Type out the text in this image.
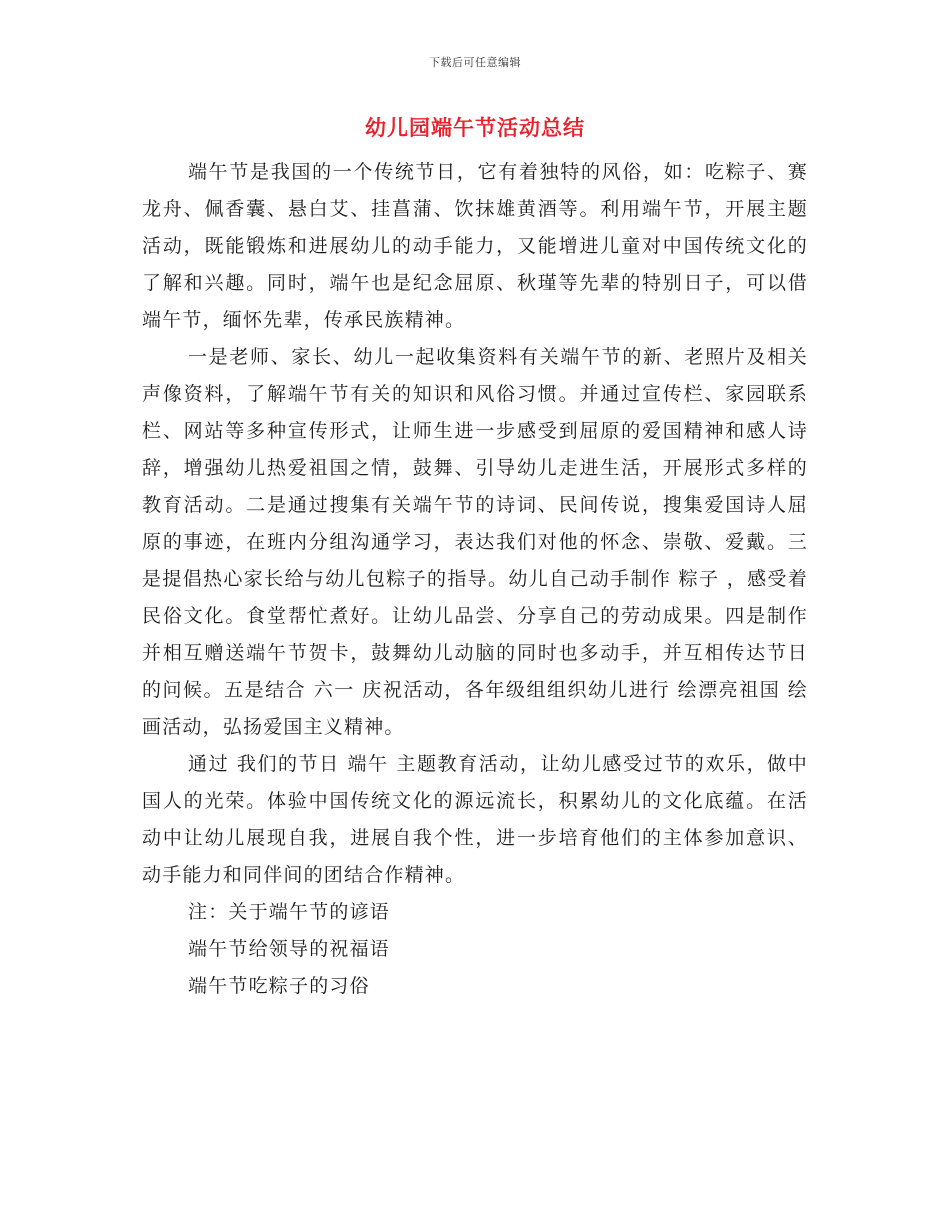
下载后可任意编辑
幼儿园端午节活动总结

端午节是我国的一个传统节日，它有着独特的风俗，如：吃粽子、赛龙舟、佩香囊、悬白艾、挂菖蒲、饮抹雄黄酒等。利用端午节，开展主题活动，既能锻炼和进展幼儿的动手能力，又能增进儿童对中国传统文化的了解和兴趣。同时，端午也是纪念屈原、秋瑾等先辈的特别日子，可以借端午节，缅怀先辈，传承民族精神。

一是老师、家长、幼儿一起收集资料有关端午节的新、老照片及相关声像资料，了解端午节有关的知识和风俗习惯。并通过宣传栏、家园联系栏、网站等多种宣传形式，让师生进一步感受到屈原的爱国精神和感人诗辞，增强幼儿热爱祖国之情，鼓舞、引导幼儿走进生活，开展形式多样的教育活动。二是通过搜集有关端午节的诗词、民间传说，搜集爱国诗人屈原的事迹，在班内分组沟通学习，表达我们对他的怀念、崇敬、爱戴。三是提倡热心家长给与幼儿包粽子的指导。幼儿自己动手制作 粽子 ，感受着民俗文化。食堂帮忙煮好。让幼儿品尝、分享自己的劳动成果。四是制作并相互赠送端午节贺卡，鼓舞幼儿动脑的同时也多动手，并互相传达节日的问候。五是结合 六一 庆祝活动，各年级组组织幼儿进行 绘漂亮祖国 绘画活动，弘扬爱国主义精神。

通过 我们的节日 端午 主题教育活动，让幼儿感受过节的欢乐，做中国人的光荣。体验中国传统文化的源远流长，积累幼儿的文化底蕴。在活动中让幼儿展现自我，进展自我个性，进一步培育他们的主体参加意识、动手能力和同伴间的团结合作精神。

注：关于端午节的谚语

端午节给领导的祝福语

端午节吃粽子的习俗
